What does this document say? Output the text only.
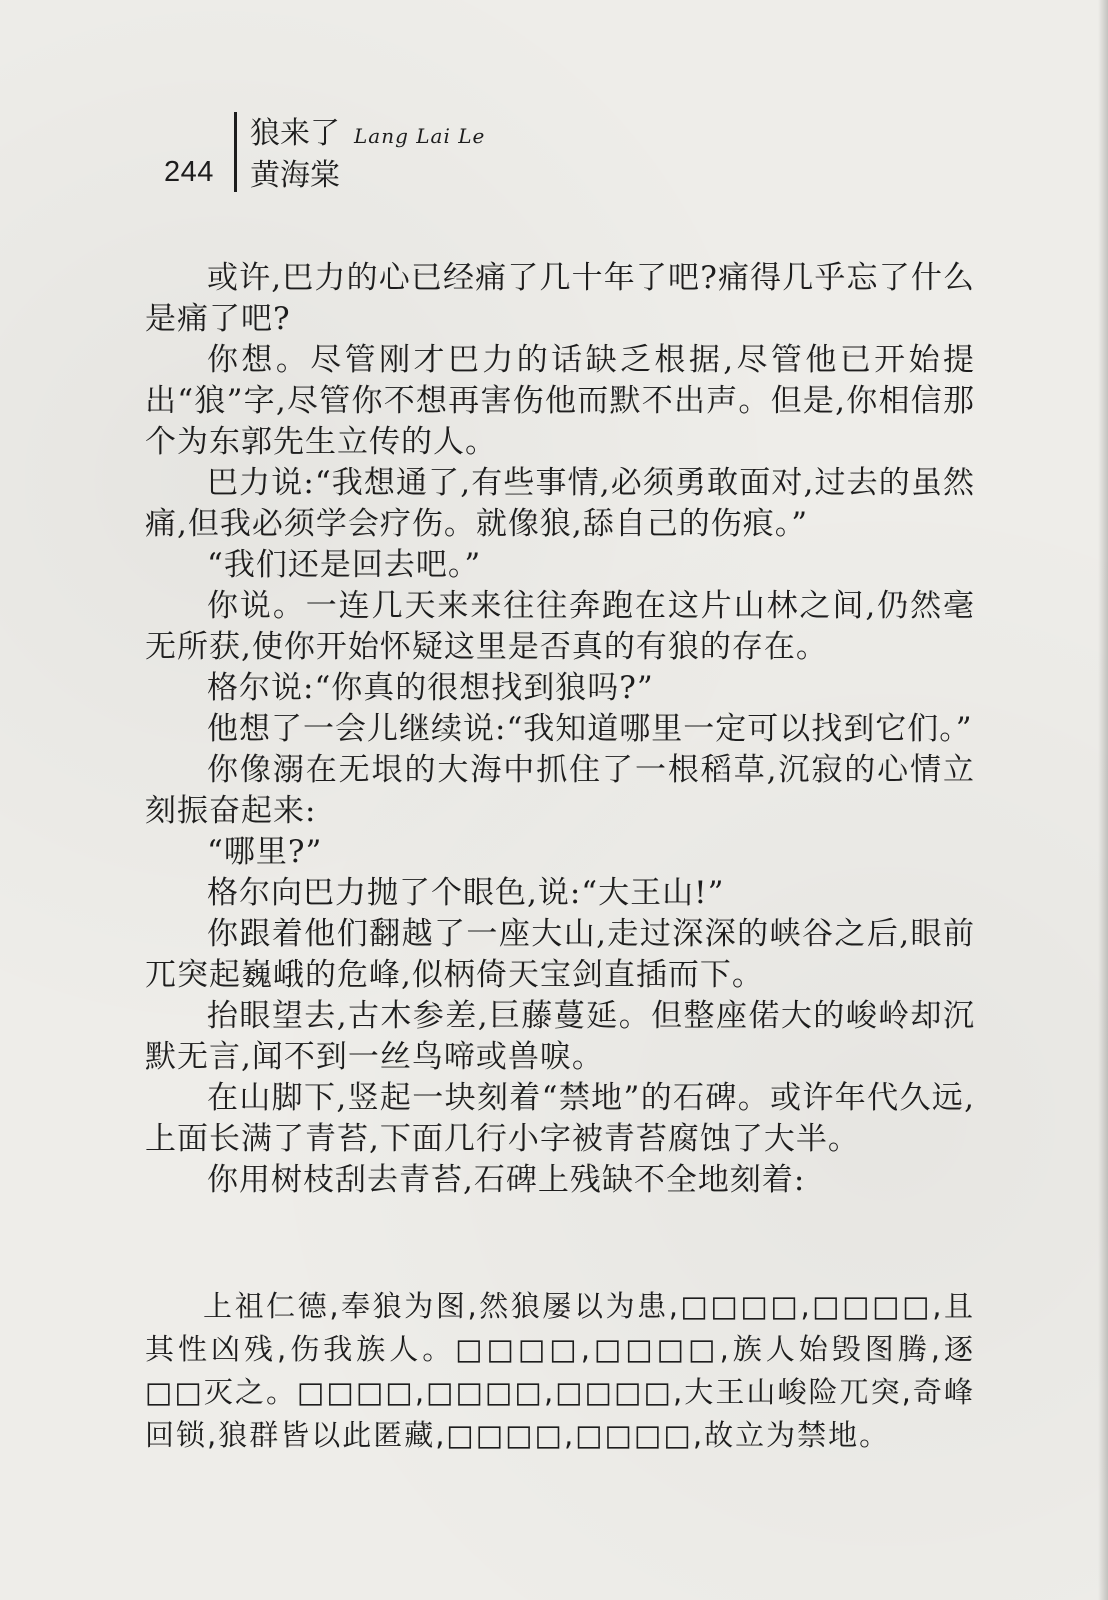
244
狼来了 Lang Lai Le
黄海棠

或许,巴力的心已经痛了几十年了吧?痛得几乎忘了什么是痛了吧?

你想。尽管刚才巴力的话缺乏根据,尽管他已开始提出“狼”字,尽管你不想再害伤他而默不出声。但是,你相信那个为东郭先生立传的人。

巴力说:“我想通了,有些事情,必须勇敢面对,过去的虽然痛,但我必须学会疗伤。就像狼,舔自己的伤痕。”

“我们还是回去吧。”

你说。一连几天来来往往奔跑在这片山林之间,仍然毫无所获,使你开始怀疑这里是否真的有狼的存在。

格尔说:“你真的很想找到狼吗?”

他想了一会儿继续说:“我知道哪里一定可以找到它们。”

你像溺在无垠的大海中抓住了一根稻草,沉寂的心情立刻振奋起来:

“哪里?”

格尔向巴力抛了个眼色,说:“大王山!”

你跟着他们翻越了一座大山,走过深深的峡谷之后,眼前兀突起巍峨的危峰,似柄倚天宝剑直插而下。

抬眼望去,古木参差,巨藤蔓延。但整座偌大的峻岭却沉默无言,闻不到一丝鸟啼或兽唳。

在山脚下,竖起一块刻着“禁地”的石碑。或许年代久远,上面长满了青苔,下面几行小字被青苔腐蚀了大半。

你用树枝刮去青苔,石碑上残缺不全地刻着:

上祖仁德,奉狼为图,然狼屡以为患,□□□□,□□□□,且其性凶残,伤我族人。□□□□,□□□□,族人始毁图腾,逐□□灭之。□□□□,□□□□,□□□□,大王山峻险兀突,奇峰回锁,狼群皆以此匿藏,□□□□,□□□□,故立为禁地。
